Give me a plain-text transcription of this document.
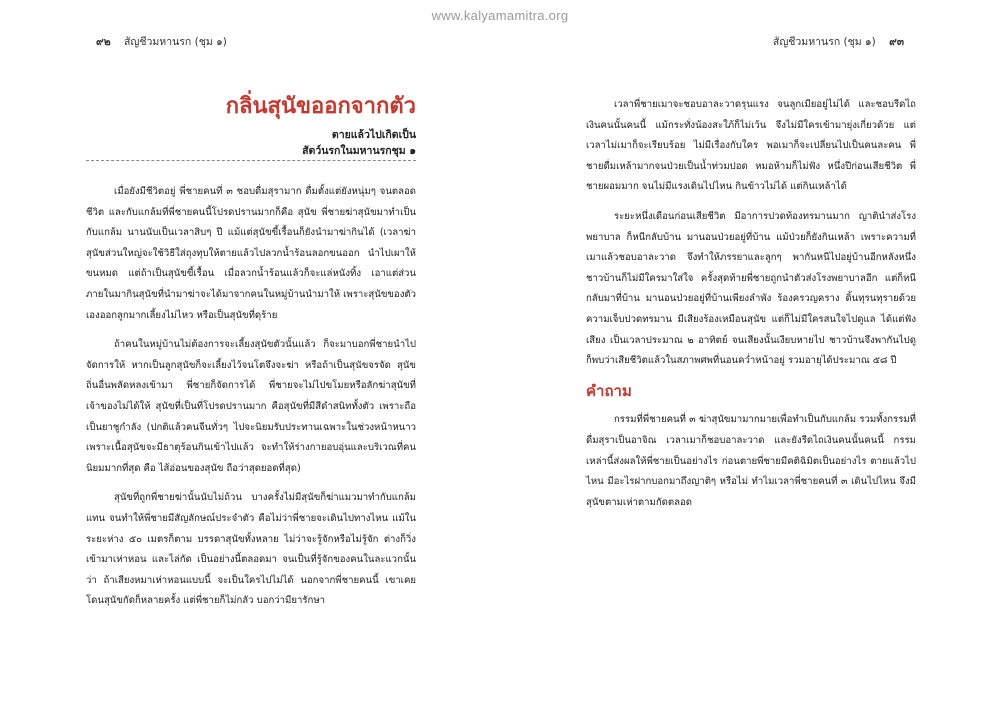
www.kalyamamitra.org
๙๒ สัญชีวมหานรก (ชุม ๑)
กลิ่นสุนัขออกจากตัว
ตายแล้วไปเกิดเป็น
สัตว์นรกในมหานรกชุม ๑

เมื่อยังมีชีวิตอยู่ พี่ชายคนที่ ๓ ชอบดื่มสุรามาก ดื่มตั้งแต่ยังหนุ่มๆ จนตลอดชีวิต และกับแกล้มที่พี่ชายคนนี้โปรดปรานมากก็คือ สุนัข พี่ชายฆ่าสุนัขมาทำเป็นกับแกล้ม นานนับเป็นเวลาสิบๆ ปี แม้แต่สุนัขขี้เรื้อนก็ยังนำมาฆ่ากินได้ (เวลาฆ่าสุนัขส่วนใหญ่จะใช้วิธีใส่ถุงทุบให้ตายแล้วไปลวกน้ำร้อนลอกขนออก นำไปเผาให้ขนหมด แต่ถ้าเป็นสุนัขขี้เรื้อน เมื่อลวกน้ำร้อนแล้วก็จะแล่หนังทิ้ง เอาแต่ส่วนภายในมากินสุนัขที่นำมาฆ่าจะได้มาจากคนในหมู่บ้านนำมาให้ เพราะสุนัขของตัวเองออกลูกมากเลี้ยงไม่ไหว หรือเป็นสุนัขที่ดุร้าย

ถ้าคนในหมู่บ้านไม่ต้องการจะเลี้ยงสุนัขตัวนั้นแล้ว ก็จะมาบอกพี่ชายนำไปจัดการให้ หากเป็นลูกสุนัขก็จะเลี้ยงไว้จนโตจึงจะฆ่า หรือถ้าเป็นสุนัขจรจัด สุนัขถิ่นอื่นพลัดหลงเข้ามา พี่ชายก็จัดการได้ พี่ชายจะไม่ไปขโมยหรือลักฆ่าสุนัขที่เจ้าของไม่ได้ให้ สุนัขที่เป็นที่โปรดปรานมาก คือสุนัขที่มีสีดำสนิททั้งตัว เพราะถือเป็นยาชูกำลัง (ปกติแล้วคนจีนทั่วๆ ไปจะนิยมรับประทานเฉพาะในช่วงหน้าหนาว เพราะเนื้อสุนัขจะมีธาตุร้อนกินเข้าไปแล้ว จะทำให้ร่างกายอบอุ่นและบริเวณที่คนนิยมมากที่สุด คือ ไส้อ่อนของสุนัข ถือว่าสุดยอดที่สุด)

สุนัขที่ถูกพี่ชายฆ่านั้นนับไม่ถ้วน บางครั้งไม่มีสุนัขก็ฆ่าแมวมาทำกับแกล้มแทน จนทำให้พี่ชายมีสัญลักษณ์ประจำตัว คือไม่ว่าพี่ชายจะเดินไปทางไหน แม้ในระยะห่าง ๕๐ เมตรก็ตาม บรรดาสุนัขทั้งหลาย ไม่ว่าจะรู้จักหรือไม่รู้จัก ต่างก็วิ่งเข้ามาเห่าหอน และไล่กัด เป็นอย่างนี้ตลอดมา จนเป็นที่รู้จักของคนในละแวกนั้นว่า ถ้าเสียงหมาเห่าหอนแบบนี้ จะเป็นใครไปไม่ได้ นอกจากพี่ชายคนนี้ เขาเคยโดนสุนัขกัดก็หลายครั้ง แต่พี่ชายก็ไม่กลัว บอกว่ามียารักษา

สัญชีวมหานรก (ชุม ๑) ๙๓

เวลาพี่ชายเมาจะชอบอาละวาดรุนแรง จนลูกเมียอยู่ไม่ได้ และชอบรีดไถเงินคนนั้นคนนี้ แม้กระทั่งน้องสะใภ้ก็ไม่เว้น จึงไม่มีใครเข้ามายุ่งเกี่ยวด้วย แต่เวลาไม่เมาก็จะเรียบร้อย ไม่มีเรื่องกับใคร พอเมาก็จะเปลี่ยนไปเป็นคนละคน พี่ชายดื่มเหล้ามากจนป่วยเป็นน้ำท่วมปอด หมอห้ามก็ไม่ฟัง หนึ่งปีก่อนเสียชีวิต พี่ชายผอมมาก จนไม่มีแรงเดินไปไหน กินข้าวไม่ได้ แต่กินเหล้าได้

ระยะหนึ่งเดือนก่อนเสียชีวิต มีอาการปวดท้องทรมานมาก ญาตินำส่งโรงพยาบาล ก็หนีกลับบ้าน มานอนป่วยอยู่ที่บ้าน แม้ป่วยก็ยังกินเหล้า เพราะความที่เมาแล้วชอบอาละวาด จึงทำให้ภรรยาและลูกๆ พากันหนีไปอยู่บ้านอีกหลังหนึ่ง ชาวบ้านก็ไม่มีใครมาใส่ใจ ครั้งสุดท้ายพี่ชายถูกนำตัวส่งโรงพยาบาลอีก แต่ก็หนีกลับมาที่บ้าน มานอนป่วยอยู่ที่บ้านเพียงลำพัง ร้องครวญคราง ดิ้นทุรนทุรายด้วยความเจ็บปวดทรมาน มีเสียงร้องเหมือนสุนัข แต่ก็ไม่มีใครสนใจไปดูแล ได้แต่ฟังเสียง เป็นเวลาประมาณ ๒ อาทิตย์ จนเสียงนั้นเงียบหายไป ชาวบ้านจึงพากันไปดู ก็พบว่าเสียชีวิตแล้วในสภาพศพที่นอนคว่ำหน้าอยู่ รวมอายุได้ประมาณ ๕๘ ปี

คำถาม

กรรมที่พี่ชายคนที่ ๓ ฆ่าสุนัขมามากมายเพื่อทำเป็นกับแกล้ม รวมทั้งกรรมที่ดื่มสุราเป็นอาจิณ เวลาเมาก็ชอบอาละวาด และยังรีดไถเงินคนนั้นคนนี้ กรรมเหล่านี้ส่งผลให้พี่ชายเป็นอย่างไร ก่อนตายพี่ชายมีคติฉิมิตเป็นอย่างไร ตายแล้วไปไหน มีอะไรฝากบอกมาถึงญาติๆ หรือไม่ ทำไมเวลาพี่ชายคนที่ ๓ เดินไปไหน จึงมีสุนัขตามเห่าตามกัดตลอด
